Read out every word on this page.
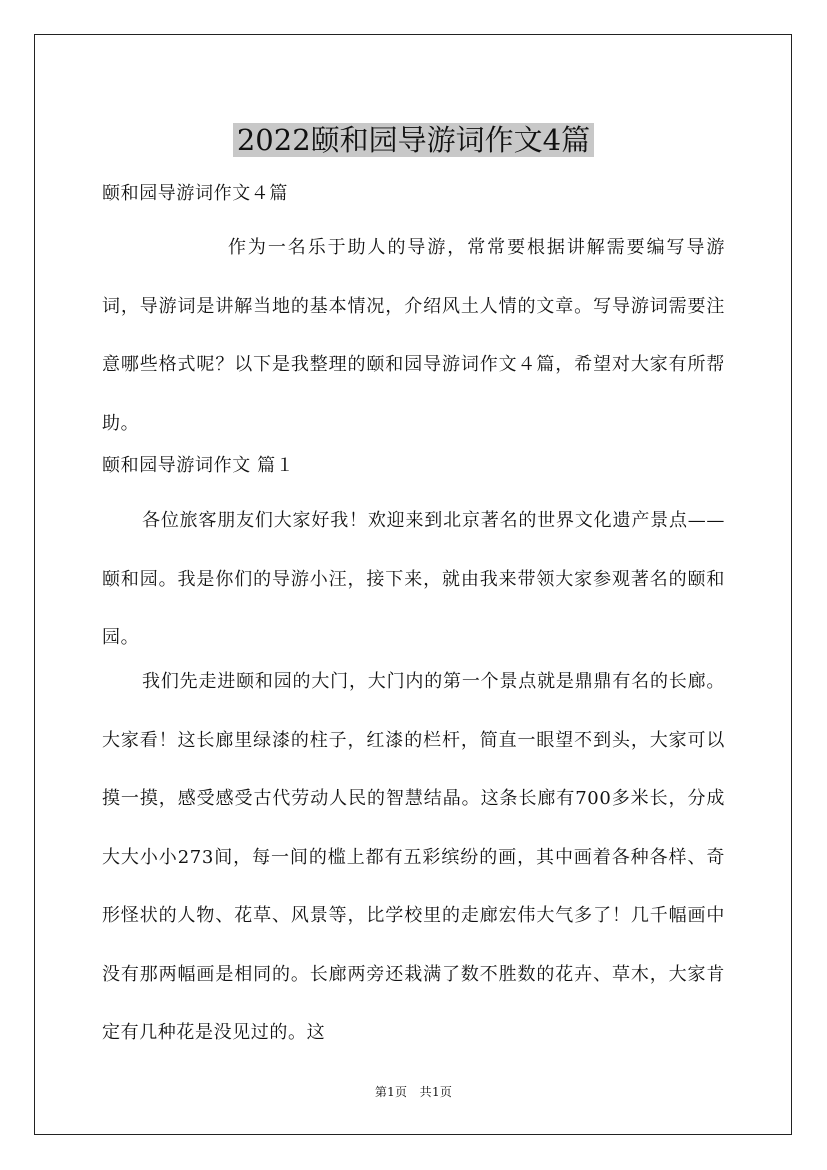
2022颐和园导游词作文4篇

颐和园导游词作文４篇

作为一名乐于助人的导游，常常要根据讲解需要编写导游词，导游词是讲解当地的基本情况，介绍风土人情的文章。写导游词需要注意哪些格式呢？以下是我整理的颐和园导游词作文４篇，希望对大家有所帮助。

颐和园导游词作文 篇１

各位旅客朋友们大家好我！欢迎来到北京著名的世界文化遗产景点——颐和园。我是你们的导游小汪，接下来，就由我来带领大家参观著名的颐和园。

我们先走进颐和园的大门，大门内的第一个景点就是鼎鼎有名的长廊。大家看！这长廊里绿漆的柱子，红漆的栏杆，简直一眼望不到头，大家可以摸一摸，感受感受古代劳动人民的智慧结晶。这条长廊有700多米长，分成大大小小273间，每一间的槛上都有五彩缤纷的画，其中画着各种各样、奇形怪状的人物、花草、风景等，比学校里的走廊宏伟大气多了！几千幅画中没有那两幅画是相同的。长廊两旁还栽满了数不胜数的花卉、草木，大家肯定有几种花是没见过的。这

第1页　共1页
